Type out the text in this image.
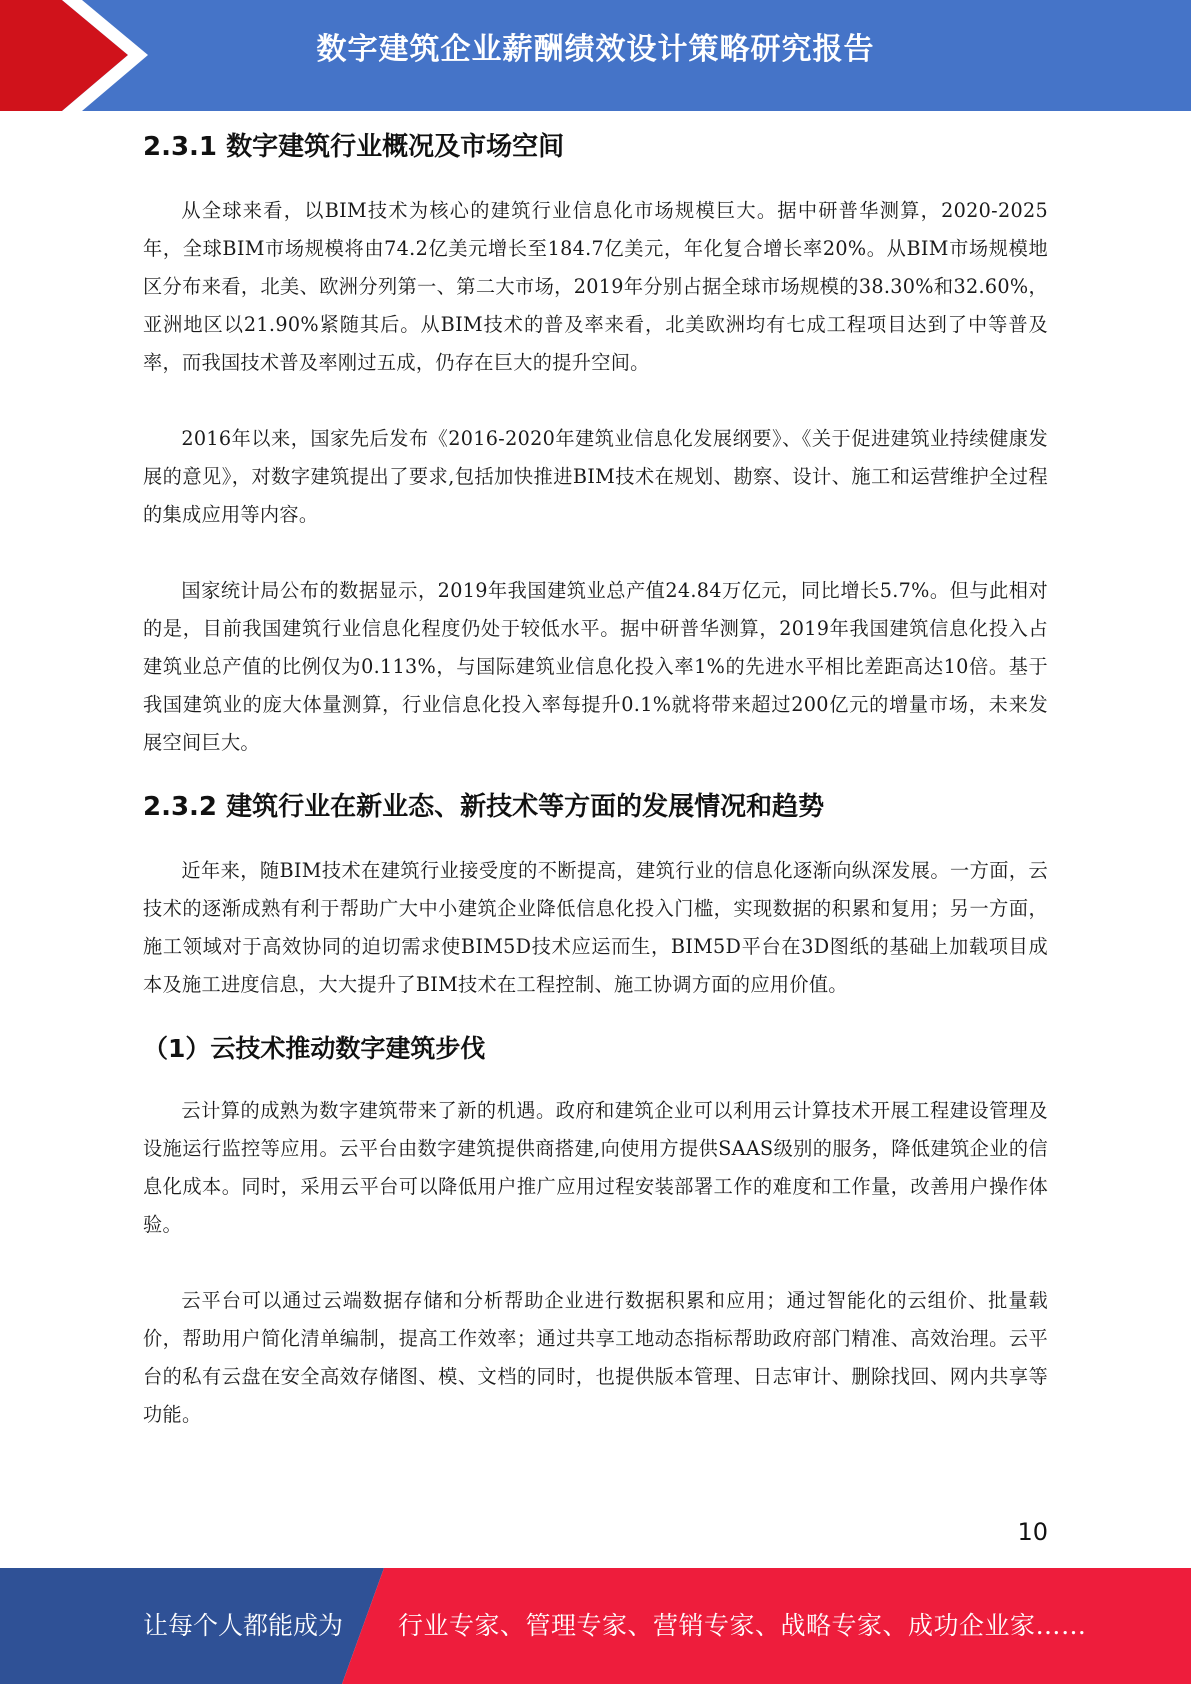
数字建筑企业薪酬绩效设计策略研究报告
2.3.1 数字建筑行业概况及市场空间

从全球来看，以BIM技术为核心的建筑行业信息化市场规模巨大。据中研普华测算，2020-2025年，全球BIM市场规模将由74.2亿美元增长至184.7亿美元，年化复合增长率20%。从BIM市场规模地区分布来看，北美、欧洲分列第一、第二大市场，2019年分别占据全球市场规模的38.30%和32.60%，亚洲地区以21.90%紧随其后。从BIM技术的普及率来看，北美欧洲均有七成工程项目达到了中等普及率，而我国技术普及率刚过五成，仍存在巨大的提升空间。

2016年以来，国家先后发布《2016-2020年建筑业信息化发展纲要》、《关于促进建筑业持续健康发展的意见》，对数字建筑提出了要求,包括加快推进BIM技术在规划、勘察、设计、施工和运营维护全过程的集成应用等内容。

国家统计局公布的数据显示，2019年我国建筑业总产值24.84万亿元，同比增长5.7%。但与此相对的是，目前我国建筑行业信息化程度仍处于较低水平。据中研普华测算，2019年我国建筑信息化投入占建筑业总产值的比例仅为0.113%，与国际建筑业信息化投入率1%的先进水平相比差距高达10倍。基于我国建筑业的庞大体量测算，行业信息化投入率每提升0.1%就将带来超过200亿元的增量市场，未来发展空间巨大。

2.3.2 建筑行业在新业态、新技术等方面的发展情况和趋势

近年来，随BIM技术在建筑行业接受度的不断提高，建筑行业的信息化逐渐向纵深发展。一方面，云技术的逐渐成熟有利于帮助广大中小建筑企业降低信息化投入门槛，实现数据的积累和复用；另一方面，施工领域对于高效协同的迫切需求使BIM5D技术应运而生，BIM5D平台在3D图纸的基础上加载项目成本及施工进度信息，大大提升了BIM技术在工程控制、施工协调方面的应用价值。

（1）云技术推动数字建筑步伐

云计算的成熟为数字建筑带来了新的机遇。政府和建筑企业可以利用云计算技术开展工程建设管理及设施运行监控等应用。云平台由数字建筑提供商搭建,向使用方提供SAAS级别的服务，降低建筑企业的信息化成本。同时，采用云平台可以降低用户推广应用过程安装部署工作的难度和工作量，改善用户操作体验。

云平台可以通过云端数据存储和分析帮助企业进行数据积累和应用；通过智能化的云组价、批量载价，帮助用户简化清单编制，提高工作效率；通过共享工地动态指标帮助政府部门精准、高效治理。云平台的私有云盘在安全高效存储图、模、文档的同时，也提供版本管理、日志审计、删除找回、网内共享等功能。

10
让每个人都能成为 行业专家、管理专家、营销专家、战略专家、成功企业家……
